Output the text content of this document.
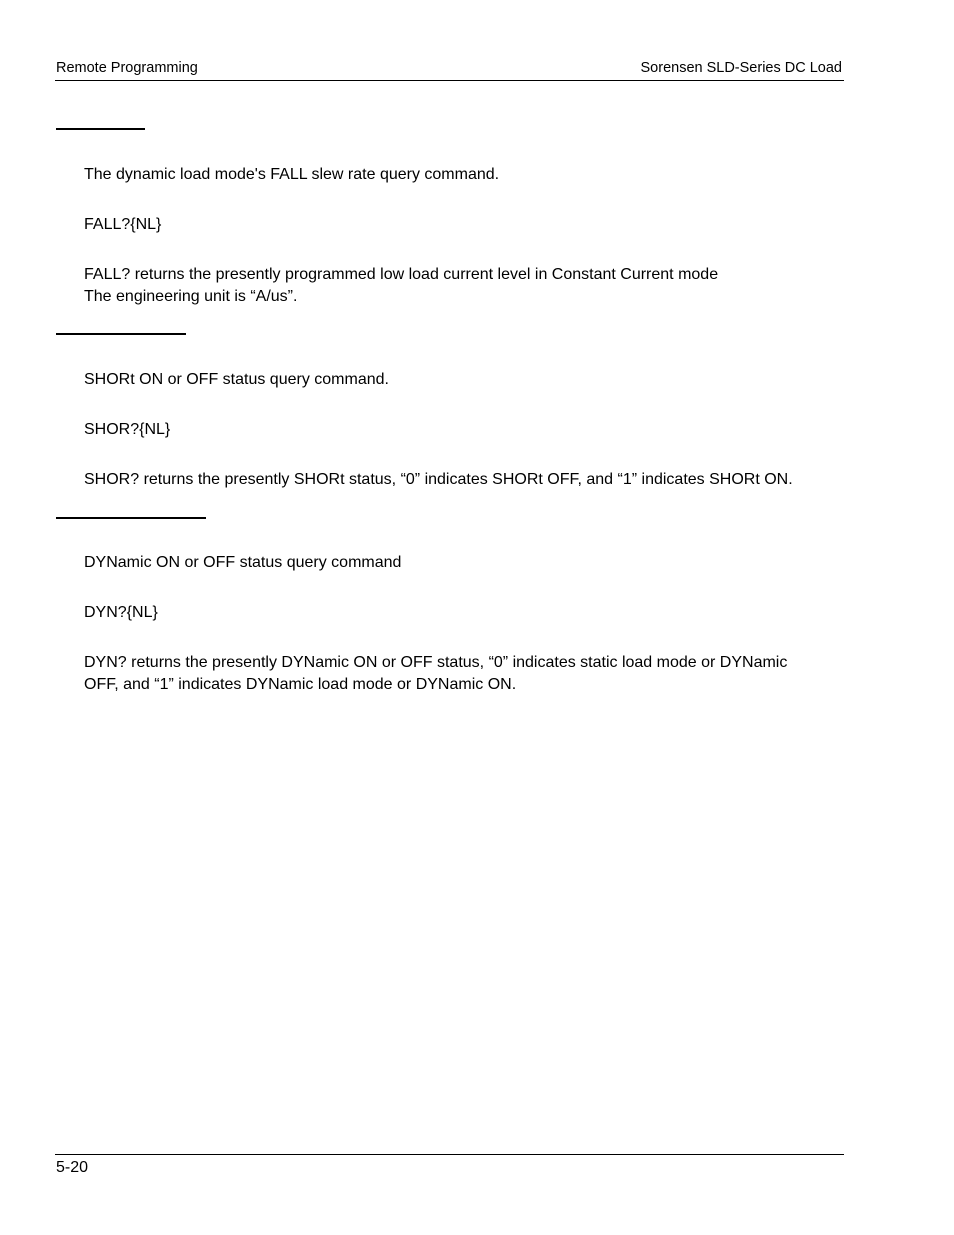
Remote Programming	Sorensen SLD-Series DC Load
The dynamic load mode's FALL slew rate query command.
FALL?{NL}
FALL? returns the presently programmed low load current level in Constant Current mode
The engineering unit is “A/us”.
SHORt ON or OFF status query command.
SHOR?{NL}
SHOR? returns the presently SHORt status, “0” indicates SHORt OFF, and “1” indicates SHORt ON.
DYNamic ON or OFF status query command
DYN?{NL}
DYN? returns the presently DYNamic ON or OFF status, “0” indicates static load mode or DYNamic
OFF, and “1” indicates DYNamic load mode or DYNamic ON.
5-20
